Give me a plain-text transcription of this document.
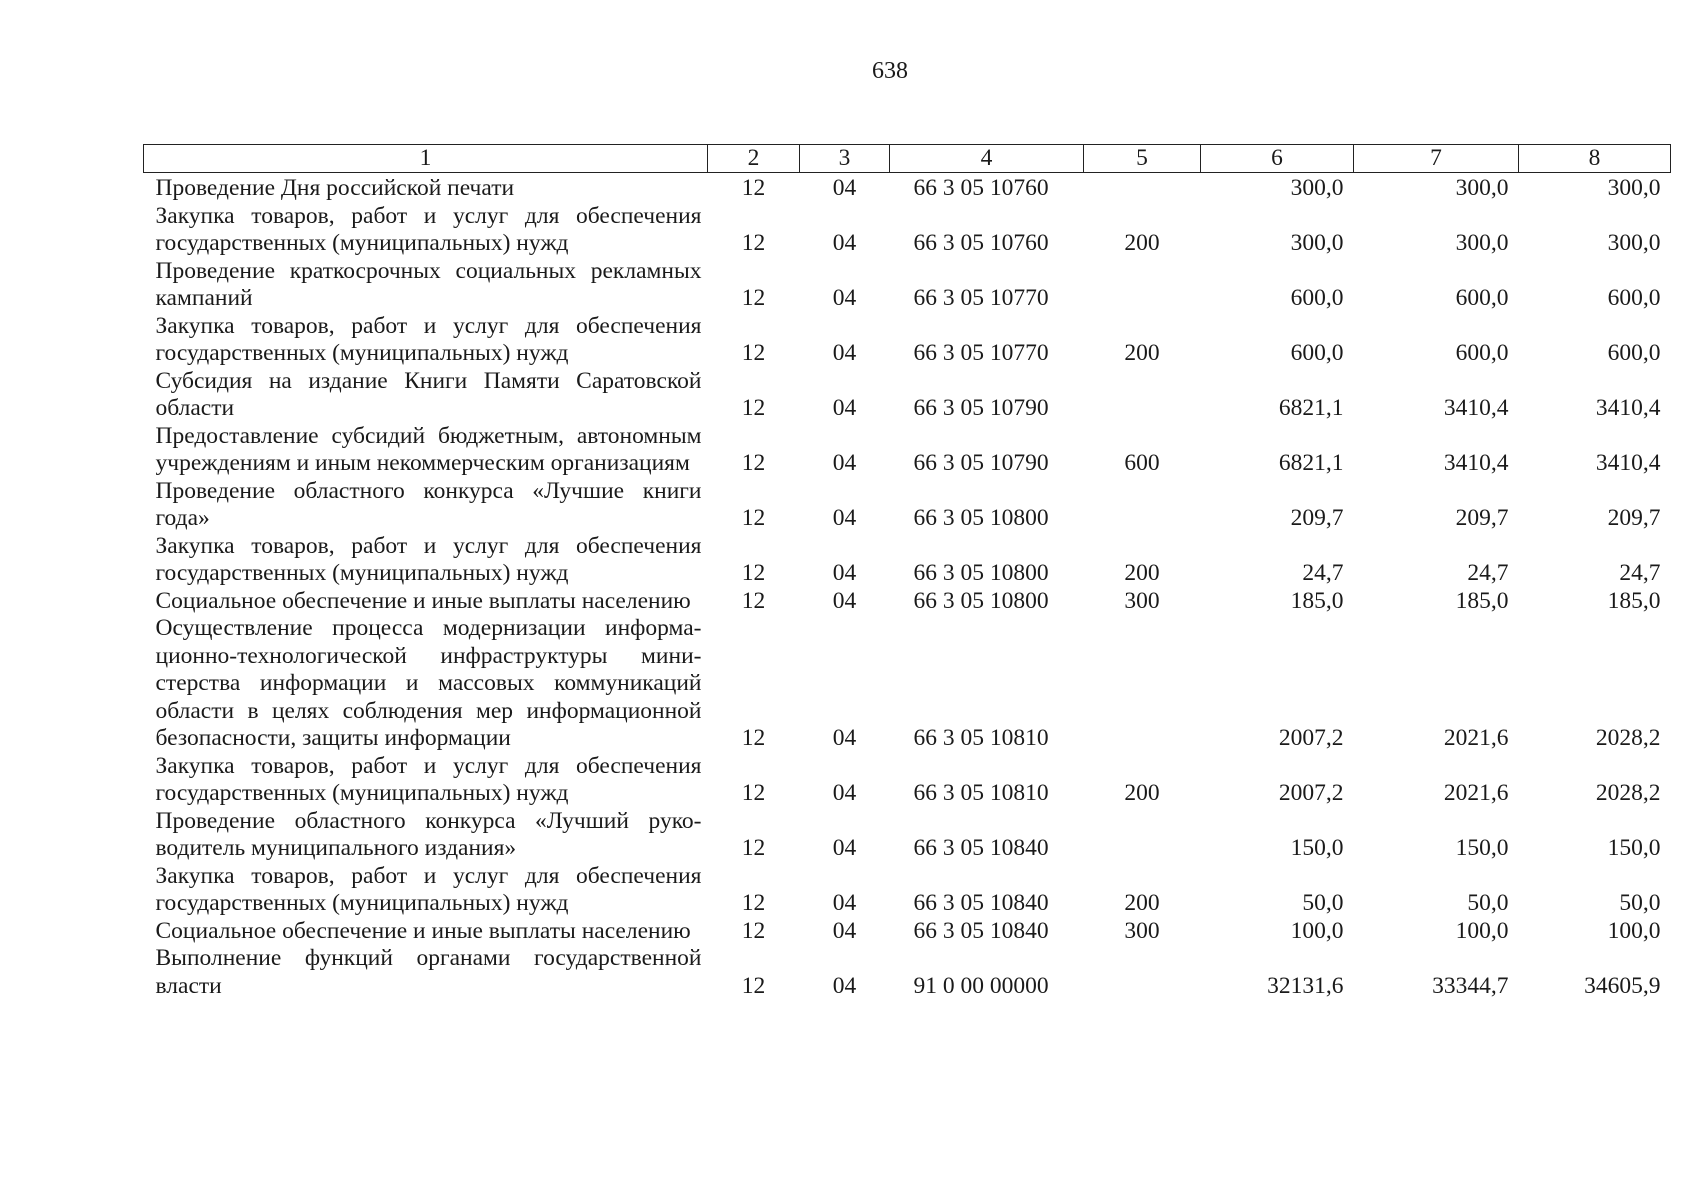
638
1	2	3	4	5	6	7	8
Проведение Дня российской печати	12	04	66 3 05 10760		300,0	300,0	300,0
Закупка товаров, работ и услуг для обеспечения государственных (муниципальных) нужд	12	04	66 3 05 10760	200	300,0	300,0	300,0
Проведение краткосрочных социальных рекламных кампаний	12	04	66 3 05 10770		600,0	600,0	600,0
Закупка товаров, работ и услуг для обеспечения государственных (муниципальных) нужд	12	04	66 3 05 10770	200	600,0	600,0	600,0
Субсидия на издание Книги Памяти Саратовской области	12	04	66 3 05 10790		6821,1	3410,4	3410,4
Предоставление субсидий бюджетным, автономным учреждениям и иным некоммерческим организациям	12	04	66 3 05 10790	600	6821,1	3410,4	3410,4
Проведение областного конкурса «Лучшие книги года»	12	04	66 3 05 10800		209,7	209,7	209,7
Закупка товаров, работ и услуг для обеспечения государственных (муниципальных) нужд	12	04	66 3 05 10800	200	24,7	24,7	24,7
Социальное обеспечение и иные выплаты населению	12	04	66 3 05 10800	300	185,0	185,0	185,0
Осуществление процесса модернизации информационно-технологической инфраструктуры министерства информации и массовых коммуникаций области в целях соблюдения мер информационной безопасности, защиты информации	12	04	66 3 05 10810		2007,2	2021,6	2028,2
Закупка товаров, работ и услуг для обеспечения государственных (муниципальных) нужд	12	04	66 3 05 10810	200	2007,2	2021,6	2028,2
Проведение областного конкурса «Лучший руководитель муниципального издания»	12	04	66 3 05 10840		150,0	150,0	150,0
Закупка товаров, работ и услуг для обеспечения государственных (муниципальных) нужд	12	04	66 3 05 10840	200	50,0	50,0	50,0
Социальное обеспечение и иные выплаты населению	12	04	66 3 05 10840	300	100,0	100,0	100,0
Выполнение функций органами государственной власти	12	04	91 0 00 00000		32131,6	33344,7	34605,9
